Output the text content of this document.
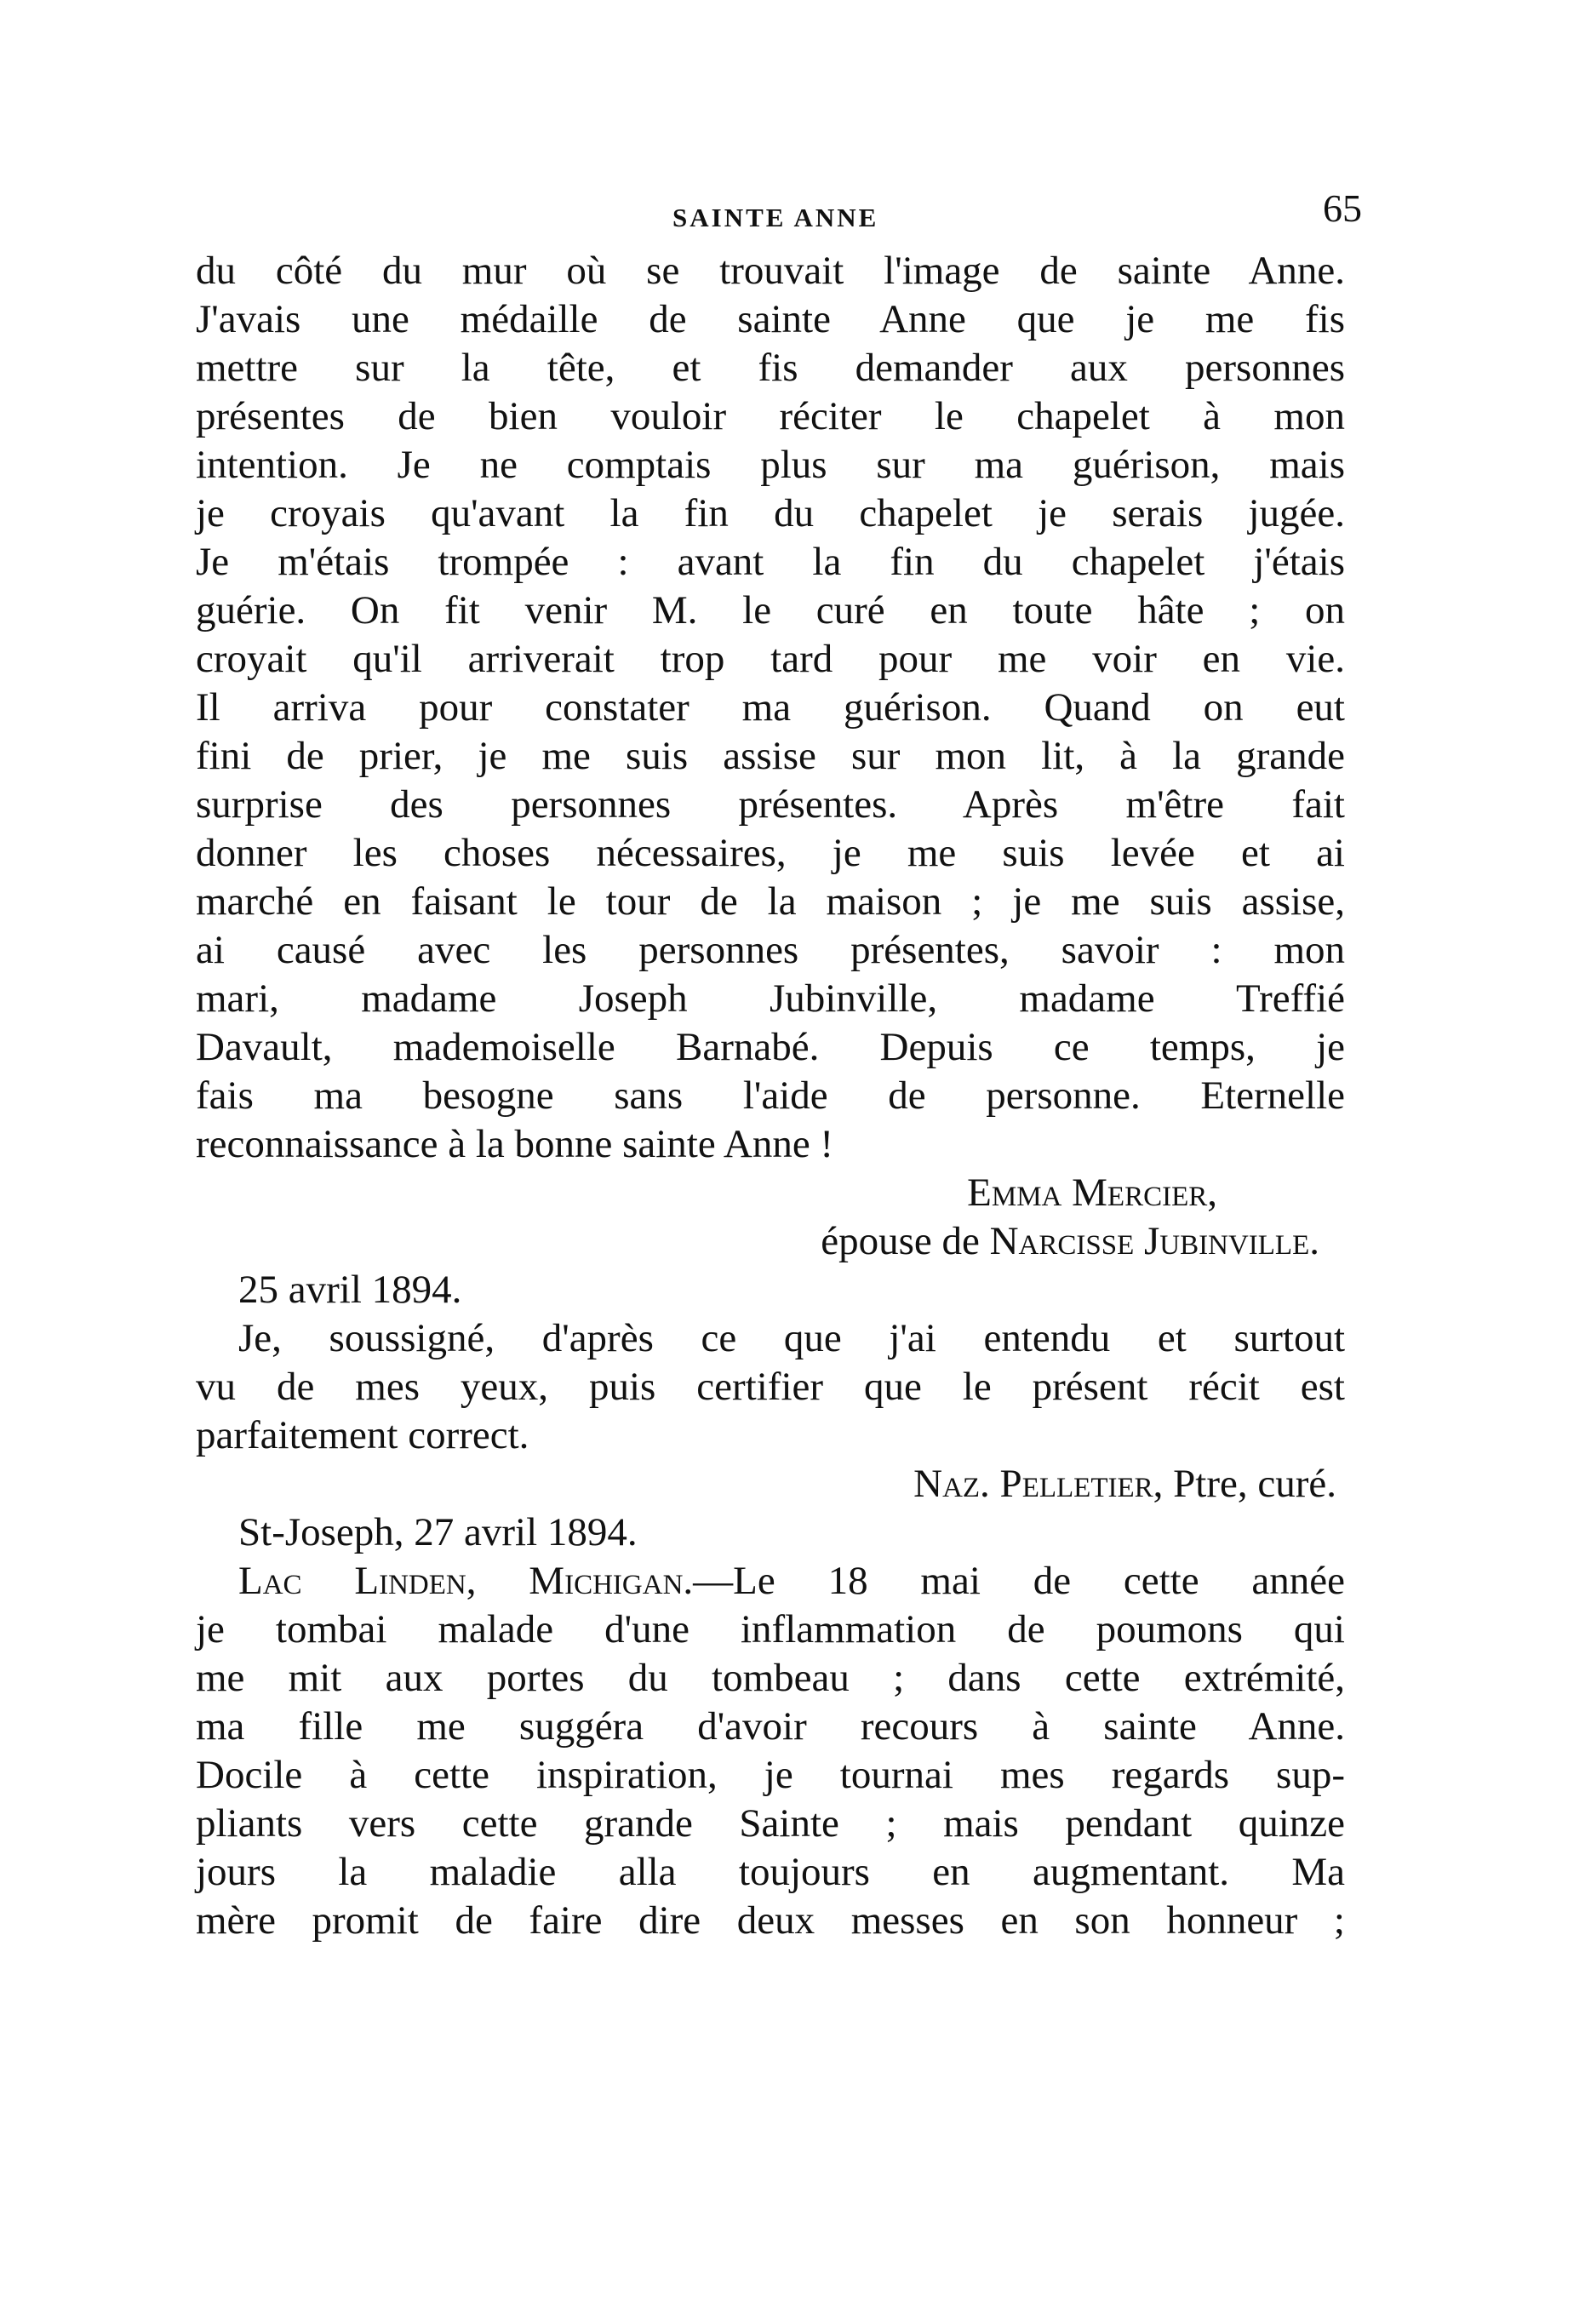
SAINTE ANNE	65
du côté du mur où se trouvait l'image de sainte Anne.
J'avais une médaille de sainte Anne que je me fis
mettre sur la tête, et fis demander aux personnes
présentes de bien vouloir réciter le chapelet à mon
intention. Je ne comptais plus sur ma guérison, mais
je croyais qu'avant la fin du chapelet je serais jugée.
Je m'étais trompée : avant la fin du chapelet j'étais
guérie. On fit venir M. le curé en toute hâte ; on
croyait qu'il arriverait trop tard pour me voir en vie.
Il arriva pour constater ma guérison. Quand on eut
fini de prier, je me suis assise sur mon lit, à la grande
surprise des personnes présentes. Après m'être fait
donner les choses nécessaires, je me suis levée et ai
marché en faisant le tour de la maison ; je me suis assise,
ai causé avec les personnes présentes, savoir : mon
mari, madame Joseph Jubinville, madame Treffié
Davault, mademoiselle Barnabé. Depuis ce temps, je
fais ma besogne sans l'aide de personne. Eternelle
reconnaissance à la bonne sainte Anne !
Emma Mercier,
épouse de Narcisse Jubinville.
25 avril 1894.
Je, soussigné, d'après ce que j'ai entendu et surtout
vu de mes yeux, puis certifier que le présent récit est
parfaitement correct.
Naz. Pelletier, Ptre, curé.
St-Joseph, 27 avril 1894.
Lac Linden, Michigan.—Le 18 mai de cette année
je tombai malade d'une inflammation de poumons qui
me mit aux portes du tombeau ; dans cette extrémité,
ma fille me suggéra d'avoir recours à sainte Anne.
Docile à cette inspiration, je tournai mes regards sup-
pliants vers cette grande Sainte ; mais pendant quinze
jours la maladie alla toujours en augmentant. Ma
mère promit de faire dire deux messes en son honneur ;
